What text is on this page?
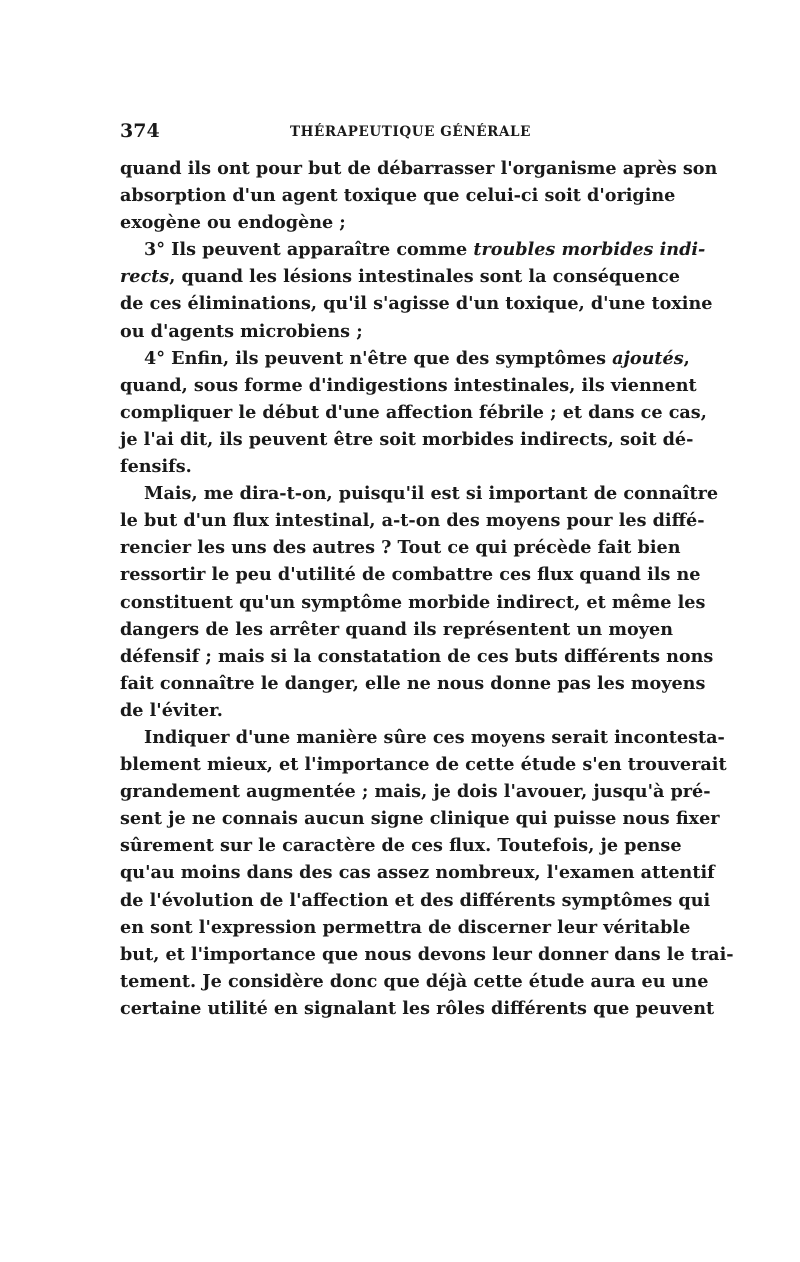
374	THÉRAPEUTIQUE GÉNÉRALE

quand ils ont pour but de débarrasser l'organisme après son
absorption d'un agent toxique que celui-ci soit d'origine
exogène ou endogène ;

3° Ils peuvent apparaître comme troubles morbides indi-
rects, quand les lésions intestinales sont la conséquence
de ces éliminations, qu'il s'agisse d'un toxique, d'une toxine
ou d'agents microbiens ;

4° Enfin, ils peuvent n'être que des symptômes ajoutés,
quand, sous forme d'indigestions intestinales, ils viennent
compliquer le début d'une affection fébrile ; et dans ce cas,
je l'ai dit, ils peuvent être soit morbides indirects, soit dé-
fensifs.

Mais, me dira-t-on, puisqu'il est si important de connaître
le but d'un flux intestinal, a-t-on des moyens pour les diffé-
rencier les uns des autres ? Tout ce qui précède fait bien
ressortir le peu d'utilité de combattre ces flux quand ils ne
constituent qu'un symptôme morbide indirect, et même les
dangers de les arrêter quand ils représentent un moyen
défensif ; mais si la constatation de ces buts différents nons
fait connaître le danger, elle ne nous donne pas les moyens
de l'éviter.

Indiquer d'une manière sûre ces moyens serait incontesta-
blement mieux, et l'importance de cette étude s'en trouverait
grandement augmentée ; mais, je dois l'avouer, jusqu'à pré-
sent je ne connais aucun signe clinique qui puisse nous fixer
sûrement sur le caractère de ces flux. Toutefois, je pense
qu'au moins dans des cas assez nombreux, l'examen attentif
de l'évolution de l'affection et des différents symptômes qui
en sont l'expression permettra de discerner leur véritable
but, et l'importance que nous devons leur donner dans le trai-
tement. Je considère donc que déjà cette étude aura eu une
certaine utilité en signalant les rôles différents que peuvent
